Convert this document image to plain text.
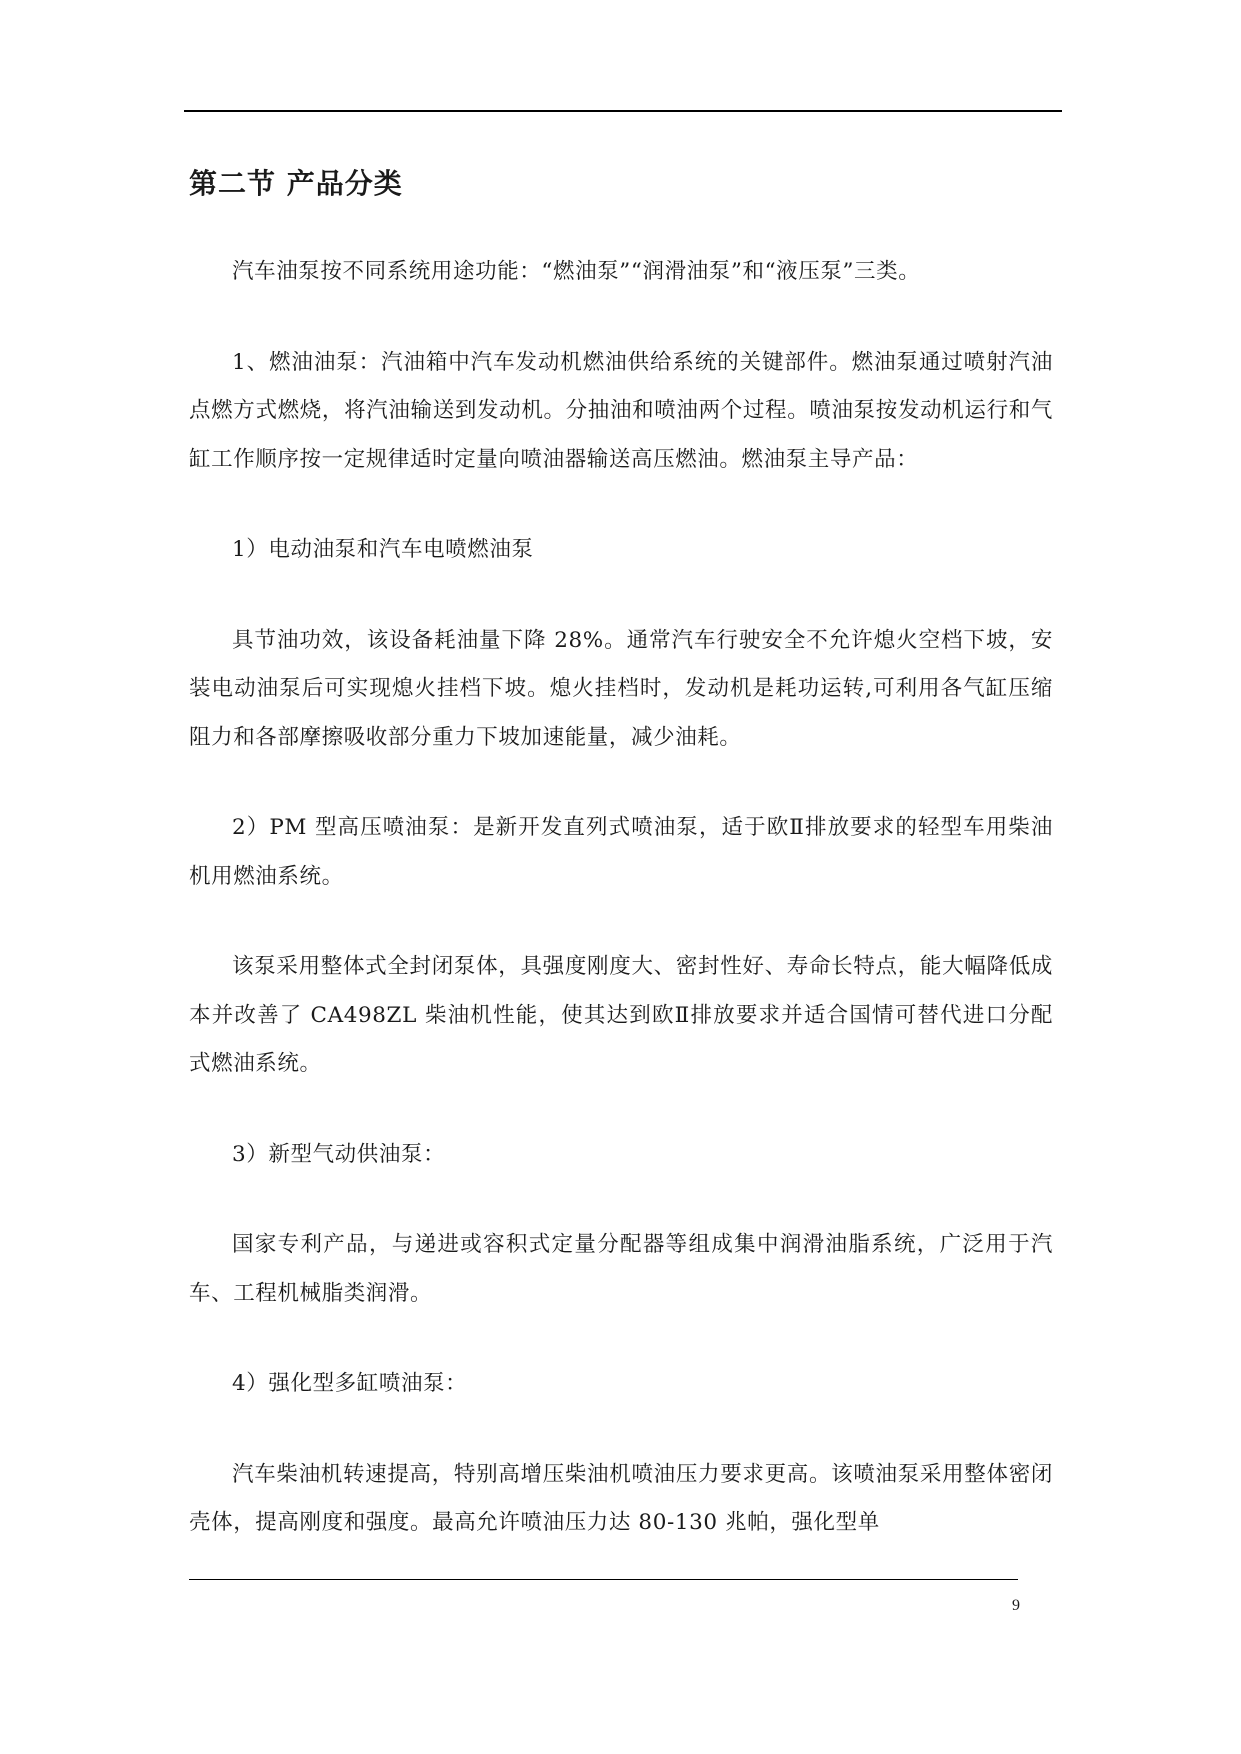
第二节 产品分类

汽车油泵按不同系统用途功能：“燃油泵”“润滑油泵”和“液压泵”三类。

1、燃油油泵：汽油箱中汽车发动机燃油供给系统的关键部件。燃油泵通过喷射汽油点燃方式燃烧，将汽油输送到发动机。分抽油和喷油两个过程。喷油泵按发动机运行和气缸工作顺序按一定规律适时定量向喷油器输送高压燃油。燃油泵主导产品：

1）电动油泵和汽车电喷燃油泵

具节油功效，该设备耗油量下降 28%。通常汽车行驶安全不允许熄火空档下坡，安装电动油泵后可实现熄火挂档下坡。熄火挂档时，发动机是耗功运转,可利用各气缸压缩阻力和各部摩擦吸收部分重力下坡加速能量，减少油耗。

2）PM 型高压喷油泵：是新开发直列式喷油泵，适于欧Ⅱ排放要求的轻型车用柴油机用燃油系统。

该泵采用整体式全封闭泵体，具强度刚度大、密封性好、寿命长特点，能大幅降低成本并改善了 CA498ZL 柴油机性能，使其达到欧Ⅱ排放要求并适合国情可替代进口分配式燃油系统。

3）新型气动供油泵：

国家专利产品，与递进或容积式定量分配器等组成集中润滑油脂系统，广泛用于汽车、工程机械脂类润滑。

4）强化型多缸喷油泵：

汽车柴油机转速提高，特别高增压柴油机喷油压力要求更高。该喷油泵采用整体密闭壳体，提高刚度和强度。最高允许喷油压力达 80-130 兆帕，强化型单

9
